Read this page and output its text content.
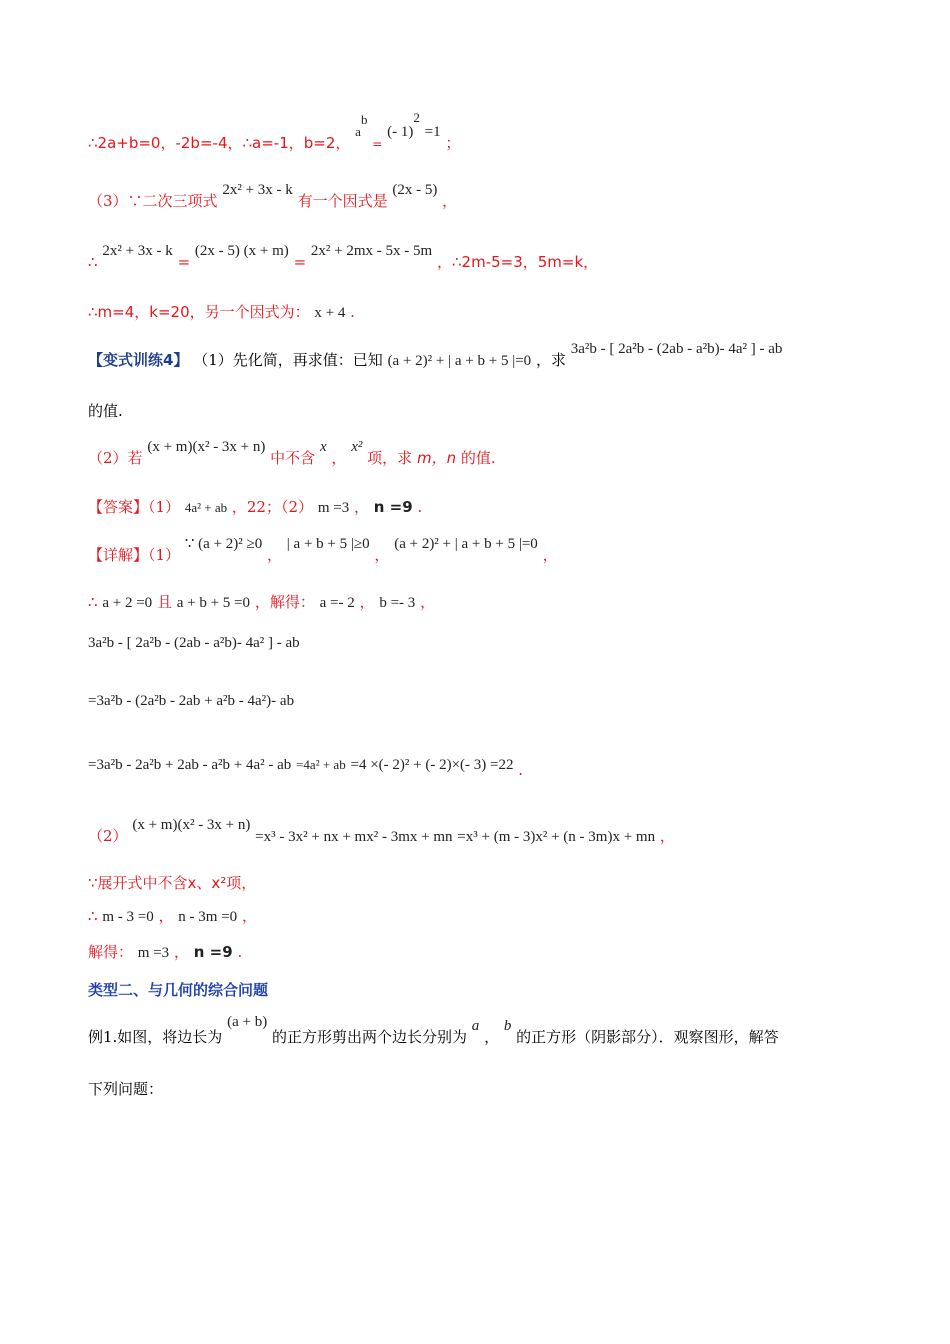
∴2a+b=0，-2b=-4，∴a=-1，b=2， $a^b$ = (- 1)$^2$ =1 ；
（3）∵二次三项式 2x² + 3x - k 有一个因式是 (2x - 5) ，
∴ 2x² + 3x - k = (2x - 5) (x + m) = 2x² + 2mx - 5x - 5m ，∴2m-5=3，5m=k，
∴m=4，k=20，另一个因式为： x + 4 .
【变式训练4】 （1）先化简，再求值：已知 (a + 2)² + | a + b + 5 |=0 ，求 3a²b - [ 2a²b - (2ab - a²b)- 4a² ] - ab
的值.
（2）若 (x + m)(x² - 3x + n) 中不含 x ， x² 项，求 m，n 的值.
【答案】（1） 4a² + ab ，22；（2） m =3 ， n =9 .
【详解】（1） ∵ (a + 2)² ≥0 ， | a + b + 5 |≥0 ， (a + 2)² + | a + b + 5 |=0 ，
∴ a + 2 =0 且 a + b + 5 =0 ，解得： a =- 2 ， b =- 3 ，
3a²b - [ 2a²b - (2ab - a²b)- 4a² ] - ab
=3a²b - (2a²b - 2ab + a²b - 4a²)- ab
=3a²b - 2a²b + 2ab - a²b + 4a² - ab =4a² + ab =4 ×(- 2)² + (- 2)×(- 3) =22 .
（2） (x + m)(x² - 3x + n) =x³ - 3x² + nx + mx² - 3mx + mn =x³ + (m - 3)x² + (n - 3m)x + mn ，
∵展开式中不含x、x²项，
∴ m - 3 =0 ， n - 3m =0 ，
解得： m =3 ， n =9 .
类型二、与几何的综合问题
例1.如图，将边长为 (a + b) 的正方形剪出两个边长分别为 a ， b 的正方形（阴影部分）．观察图形，解答
下列问题：
